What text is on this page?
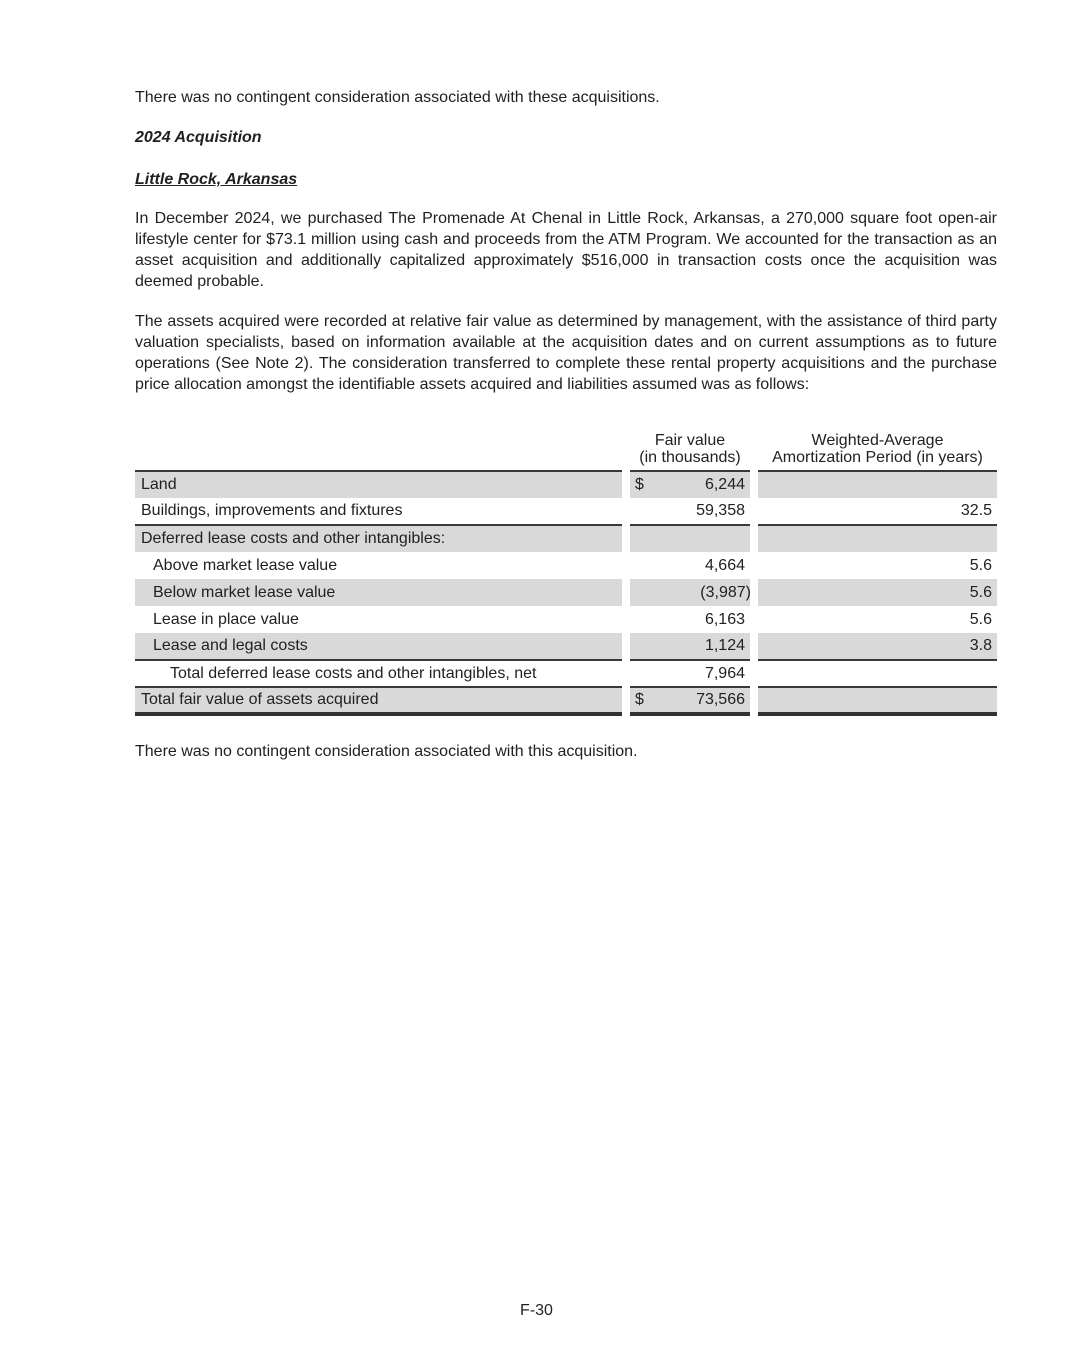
There was no contingent consideration associated with these acquisitions.

2024 Acquisition
Little Rock, Arkansas

In December 2024, we purchased The Promenade At Chenal in Little Rock, Arkansas, a 270,000 square foot open-air lifestyle center for $73.1 million using cash and proceeds from the ATM Program. We accounted for the transaction as an asset acquisition and additionally capitalized approximately $516,000 in transaction costs once the acquisition was deemed probable.

The assets acquired were recorded at relative fair value as determined by management, with the assistance of third party valuation specialists, based on information available at the acquisition dates and on current assumptions as to future operations (See Note 2). The consideration transferred to complete these rental property acquisitions and the purchase price allocation amongst the identifiable assets acquired and liabilities assumed was as follows:

Fair value
(in thousands)

Weighted-Average
Amortization Period (in years)

Land		$ 6,244		

Buildings, improvements and fixtures		59,358		32.5
Deferred lease costs and other intangibles:		

Above market lease value		4,664		5.6
Below market lease value		(3,987)		5.6
Lease in place value		6,163		5.6
Lease and legal costs		1,124		3.8
Total deferred lease costs and other intangibles, net		7,964		

Total fair value of assets acquired		$ 73,566		

There was no contingent consideration associated with this acquisition.

F-30
